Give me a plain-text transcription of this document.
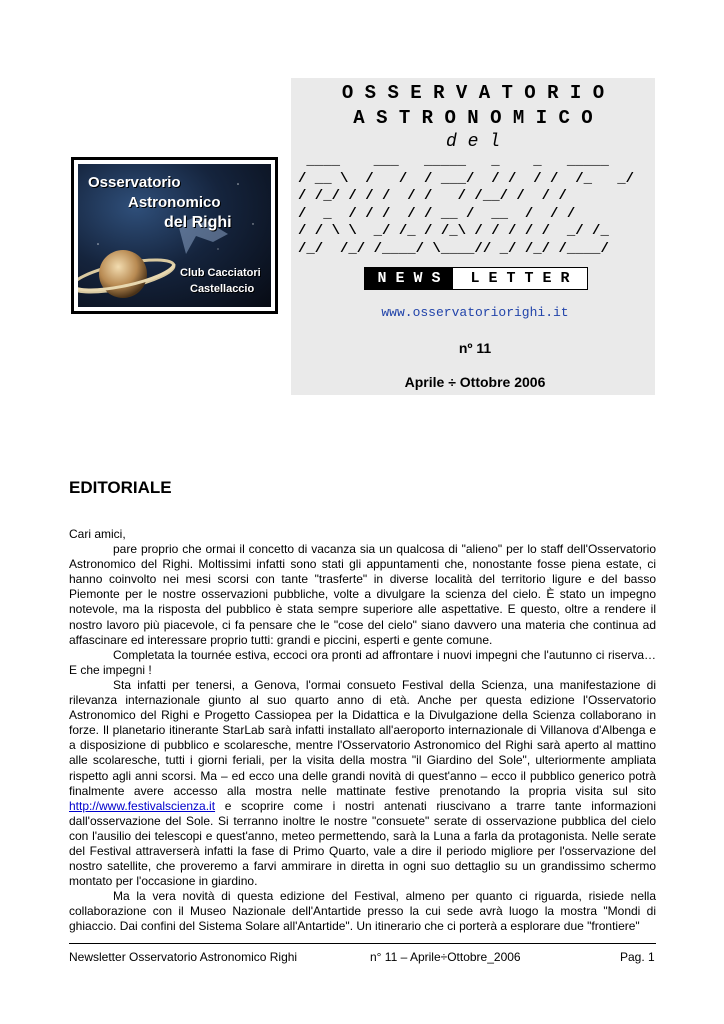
O S S E R V A T O R I O
A S T R O N O M I C O
d e l
____    ___   _____   _    _   _____
/ __ \  /   /  / ___/  / /  / /  /_   _/
/ /_/ / / /  / /   / /__/ /  / /
/  _  / / /  / / __ /  __  /  / /
/ / \ \  _/ /_ / /_\ / / / / /  _/ /_
/_/  /_/ /____/ \____// _/ /_/ /____/
N E W S	L E T T E R
www.osservatoriorighi.it
nº 11
Aprile ÷ Ottobre 2006
Osservatorio
Astronomico
del Righi
Club Cacciatori
Castellaccio
EDITORIALE

Cari amici,

pare proprio che ormai il concetto di vacanza sia un qualcosa di "alieno" per lo staff dell'Osservatorio Astronomico del Righi. Moltissimi infatti sono stati gli appuntamenti che, nonostante fosse piena estate, ci hanno coinvolto nei mesi scorsi con tante "trasferte" in diverse località del territorio ligure e del basso Piemonte per le nostre osservazioni pubbliche, volte a divulgare la scienza del cielo. È stato un impegno notevole, ma la risposta del pubblico è stata sempre superiore alle aspettative. E questo, oltre a rendere il nostro lavoro più piacevole, ci fa pensare che le "cose del cielo" siano davvero una materia che continua ad affascinare ed interessare proprio tutti: grandi e piccini, esperti e gente comune.

Completata la tournée estiva, eccoci ora pronti ad affrontare i nuovi impegni che l'autunno ci riserva… E che impegni !

Sta infatti per tenersi, a Genova, l'ormai consueto Festival della Scienza, una manifestazione di rilevanza internazionale giunto al suo quarto anno di età. Anche per questa edizione l'Osservatorio Astronomico del Righi e Progetto Cassiopea per la Didattica e la Divulgazione della Scienza collaborano in forze. Il planetario itinerante StarLab sarà infatti installato all'aeroporto internazionale di Villanova d'Albenga e a disposizione di pubblico e scolaresche, mentre l'Osservatorio Astronomico del Righi sarà aperto al mattino alle scolaresche, tutti i giorni feriali, per la visita della mostra "il Giardino del Sole", ulteriormente ampliata rispetto agli anni scorsi. Ma – ed ecco una delle grandi novità di quest'anno – ecco il pubblico generico potrà finalmente avere accesso alla mostra nelle mattinate festive prenotando la propria visita sul sito http://www.festivalscienza.it e scoprire come i nostri antenati riuscivano a trarre tante informazioni dall'osservazione del Sole. Si terranno inoltre le nostre "consuete" serate di osservazione pubblica del cielo con l'ausilio dei telescopi e quest'anno, meteo permettendo, sarà la Luna a farla da protagonista. Nelle serate del Festival attraverserà infatti la fase di Primo Quarto, vale a dire il periodo migliore per l'osservazione del nostro satellite, che proveremo a farvi ammirare in diretta in ogni suo dettaglio su un grandissimo schermo montato per l'occasione in giardino.

Ma la vera novità di questa edizione del Festival, almeno per quanto ci riguarda, risiede nella collaborazione con il Museo Nazionale dell'Antartide presso la cui sede avrà luogo la mostra "Mondi di ghiaccio. Dai confini del Sistema Solare all'Antartide". Un itinerario che ci porterà a esplorare due "frontiere"

Newsletter Osservatorio Astronomico Righi	n° 11 – Aprile÷Ottobre_2006	Pag. 1
